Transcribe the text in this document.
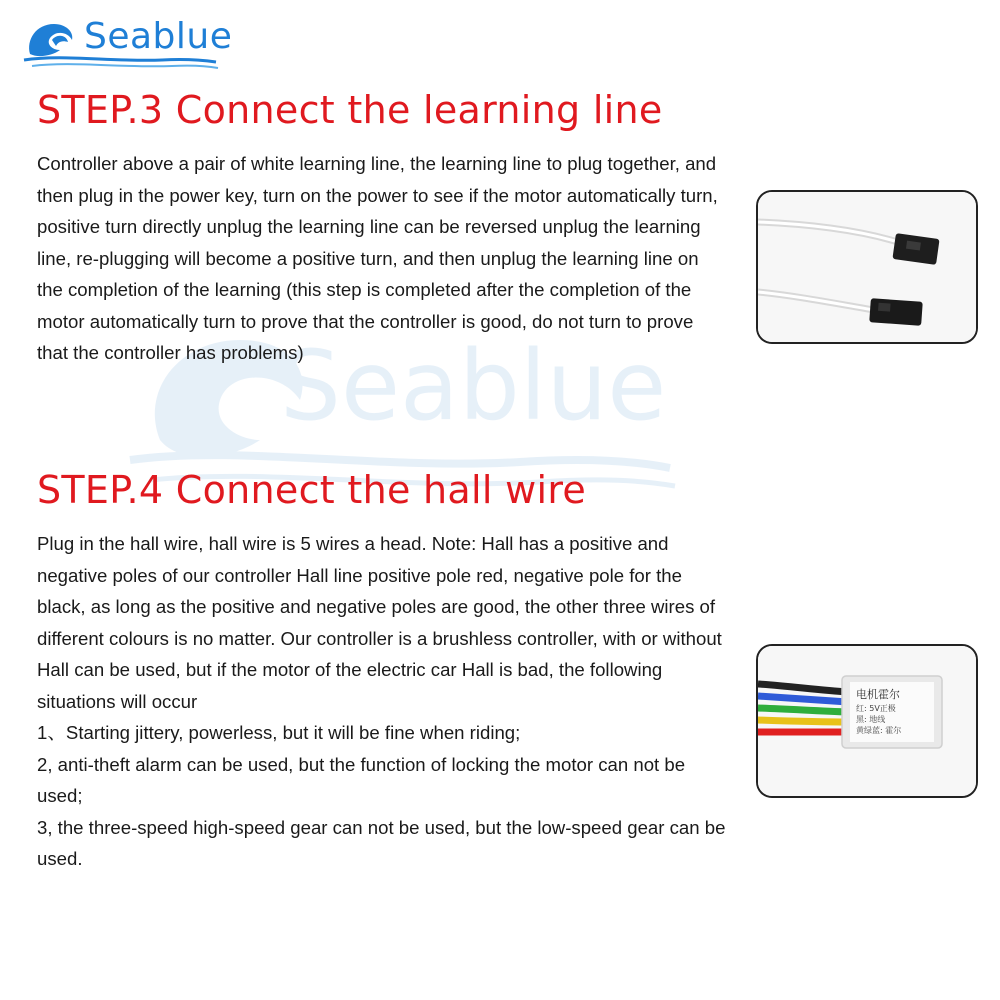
Seablue
Seablue
STEP.3 Connect the learning line

Controller above a pair of white learning line, the learning line to plug together, and then plug in the power key, turn on the power to see if the motor automatically turn, positive turn directly unplug the learning line can be reversed unplug the learning line, re-plugging will become a positive turn, and then unplug the learning line on the completion of the learning (this step is completed after the completion of the motor automatically turn to prove that the controller is good, do not turn to prove that the controller has problems)

STEP.4 Connect the hall wire
Plug in the hall wire, hall wire is 5 wires a head. Note: Hall has a positive and negative poles of our controller Hall line positive pole red, negative pole for the black, as long as the positive and negative poles are good, the other three wires of different colours is no matter. Our controller is a brushless controller, with or without Hall can be used, but if the motor of the electric car Hall is bad, the following situations will occur
1、Starting jittery, powerless, but it will be fine when riding;
2, anti-theft alarm can be used, but the function of locking the motor can not be used;
3, the three-speed high-speed gear can not be used, but the low-speed gear can be used.
电机霍尔
红: 5V正极
黑: 地线
黄绿蓝: 霍尔
